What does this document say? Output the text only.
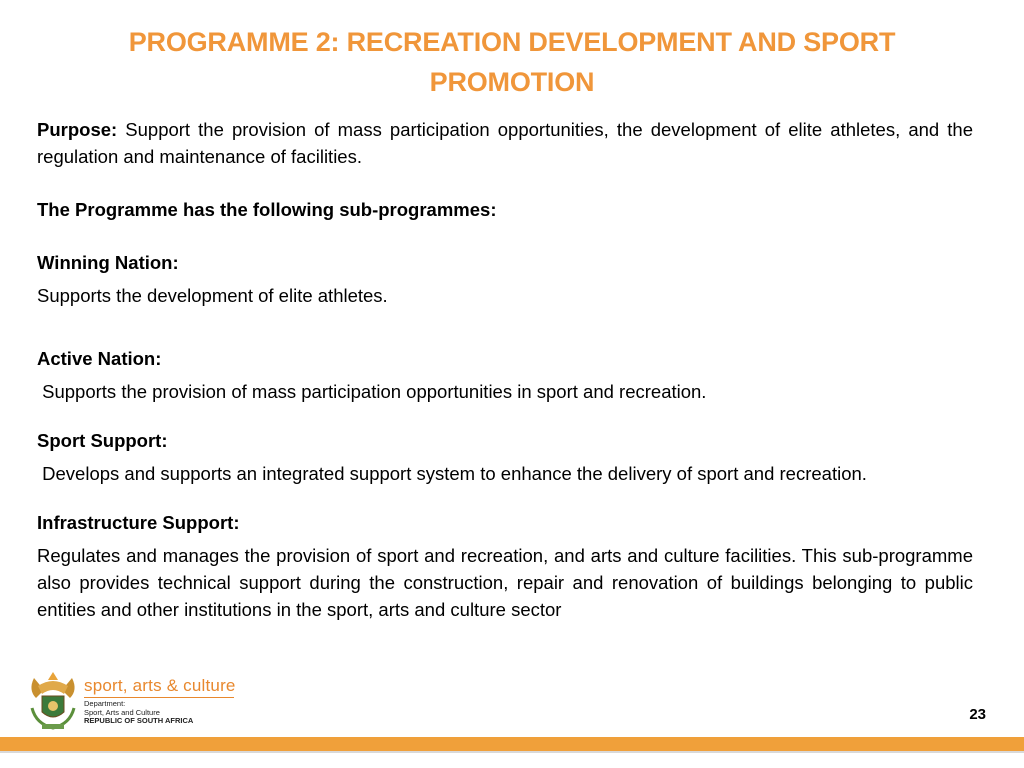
PROGRAMME 2: RECREATION DEVELOPMENT AND SPORT PROMOTION

Purpose: Support the provision of mass participation opportunities, the development of elite athletes, and the regulation and maintenance of facilities.

The Programme has the following sub-programmes:

Winning Nation:

Supports the development of elite athletes.

Active Nation:

Supports the provision of mass participation opportunities in sport and recreation.

Sport Support:

Develops and supports an integrated support system to enhance the delivery of sport and recreation.

Infrastructure Support:

Regulates and manages the provision of sport and recreation, and arts and culture facilities. This sub-programme also provides technical support during the construction, repair and renovation of buildings belonging to public entities and other institutions in the sport, arts and culture sector

sport, arts & culture
Department:
Sport, Arts and Culture
REPUBLIC OF SOUTH AFRICA	23
